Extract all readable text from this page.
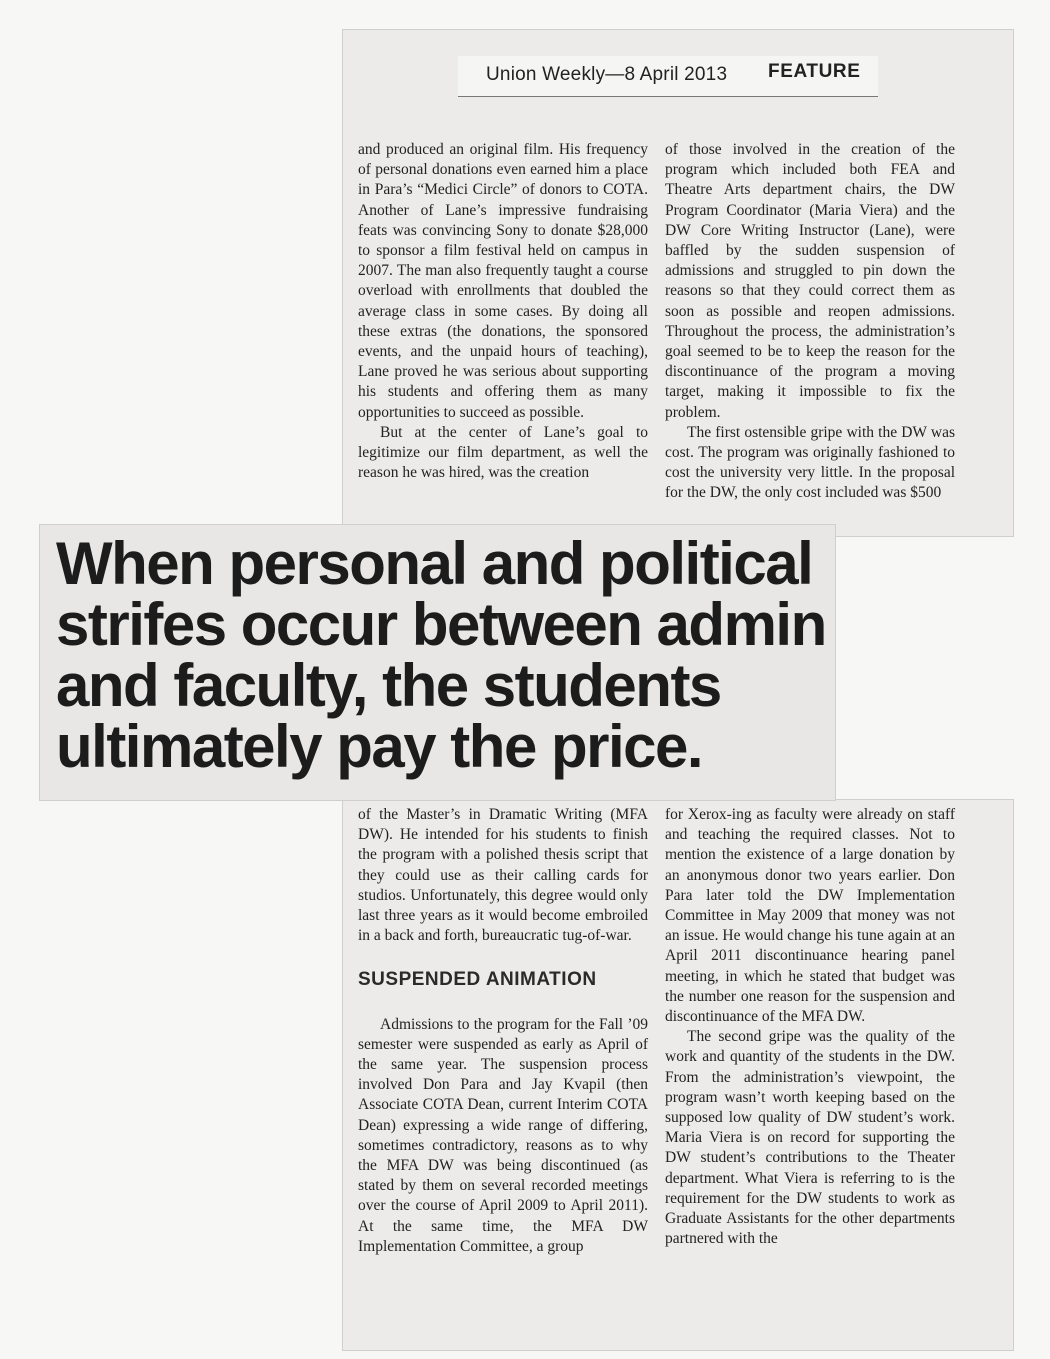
Union Weekly—8 April 2013 FEATURE

and produced an original film. His frequency of personal donations even earned him a place in Para’s “Medici Circle” of donors to COTA. Another of Lane’s impressive fundraising feats was convincing Sony to donate $28,000 to sponsor a film festival held on campus in 2007. The man also frequently taught a course overload with enrollments that doubled the average class in some cases. By doing all these extras (the donations, the sponsored events, and the unpaid hours of teaching), Lane proved he was serious about supporting his students and offering them as many opportunities to succeed as possible.

But at the center of Lane’s goal to legitimize our film department, as well the reason he was hired, was the creation

of those involved in the creation of the program which included both FEA and Theatre Arts department chairs, the DW Program Coordinator (Maria Viera) and the DW Core Writing Instructor (Lane), were baffled by the sudden suspension of admissions and struggled to pin down the reasons so that they could correct them as soon as possible and reopen admissions. Throughout the process, the administration’s goal seemed to be to keep the reason for the discontinuance of the program a moving target, making it impossible to fix the problem.

The first ostensible gripe with the DW was cost. The program was originally fashioned to cost the university very little. In the proposal for the DW, the only cost included was $500

When personal and political strifes occur between admin and faculty, the students ultimately pay the price.

of the Master’s in Dramatic Writing (MFA DW). He intended for his students to finish the program with a polished thesis script that they could use as their calling cards for studios. Unfortunately, this degree would only last three years as it would become embroiled in a back and forth, bureaucratic tug-of-war.

SUSPENDED ANIMATION

Admissions to the program for the Fall ’09 semester were suspended as early as April of the same year. The suspension process involved Don Para and Jay Kvapil (then Associate COTA Dean, current Interim COTA Dean) expressing a wide range of differing, sometimes contradictory, reasons as to why the MFA DW was being discontinued (as stated by them on several recorded meetings over the course of April 2009 to April 2011). At the same time, the MFA DW Implementation Committee, a group

for Xerox-ing as faculty were already on staff and teaching the required classes. Not to mention the existence of a large donation by an anonymous donor two years earlier. Don Para later told the DW Implementation Committee in May 2009 that money was not an issue. He would change his tune again at an April 2011 discontinuance hearing panel meeting, in which he stated that budget was the number one reason for the suspension and discontinuance of the MFA DW.

The second gripe was the quality of the work and quantity of the students in the DW. From the administration’s viewpoint, the program wasn’t worth keeping based on the supposed low quality of DW student’s work. Maria Viera is on record for supporting the DW student’s contributions to the Theater department. What Viera is referring to is the requirement for the DW students to work as Graduate Assistants for the other departments partnered with the
